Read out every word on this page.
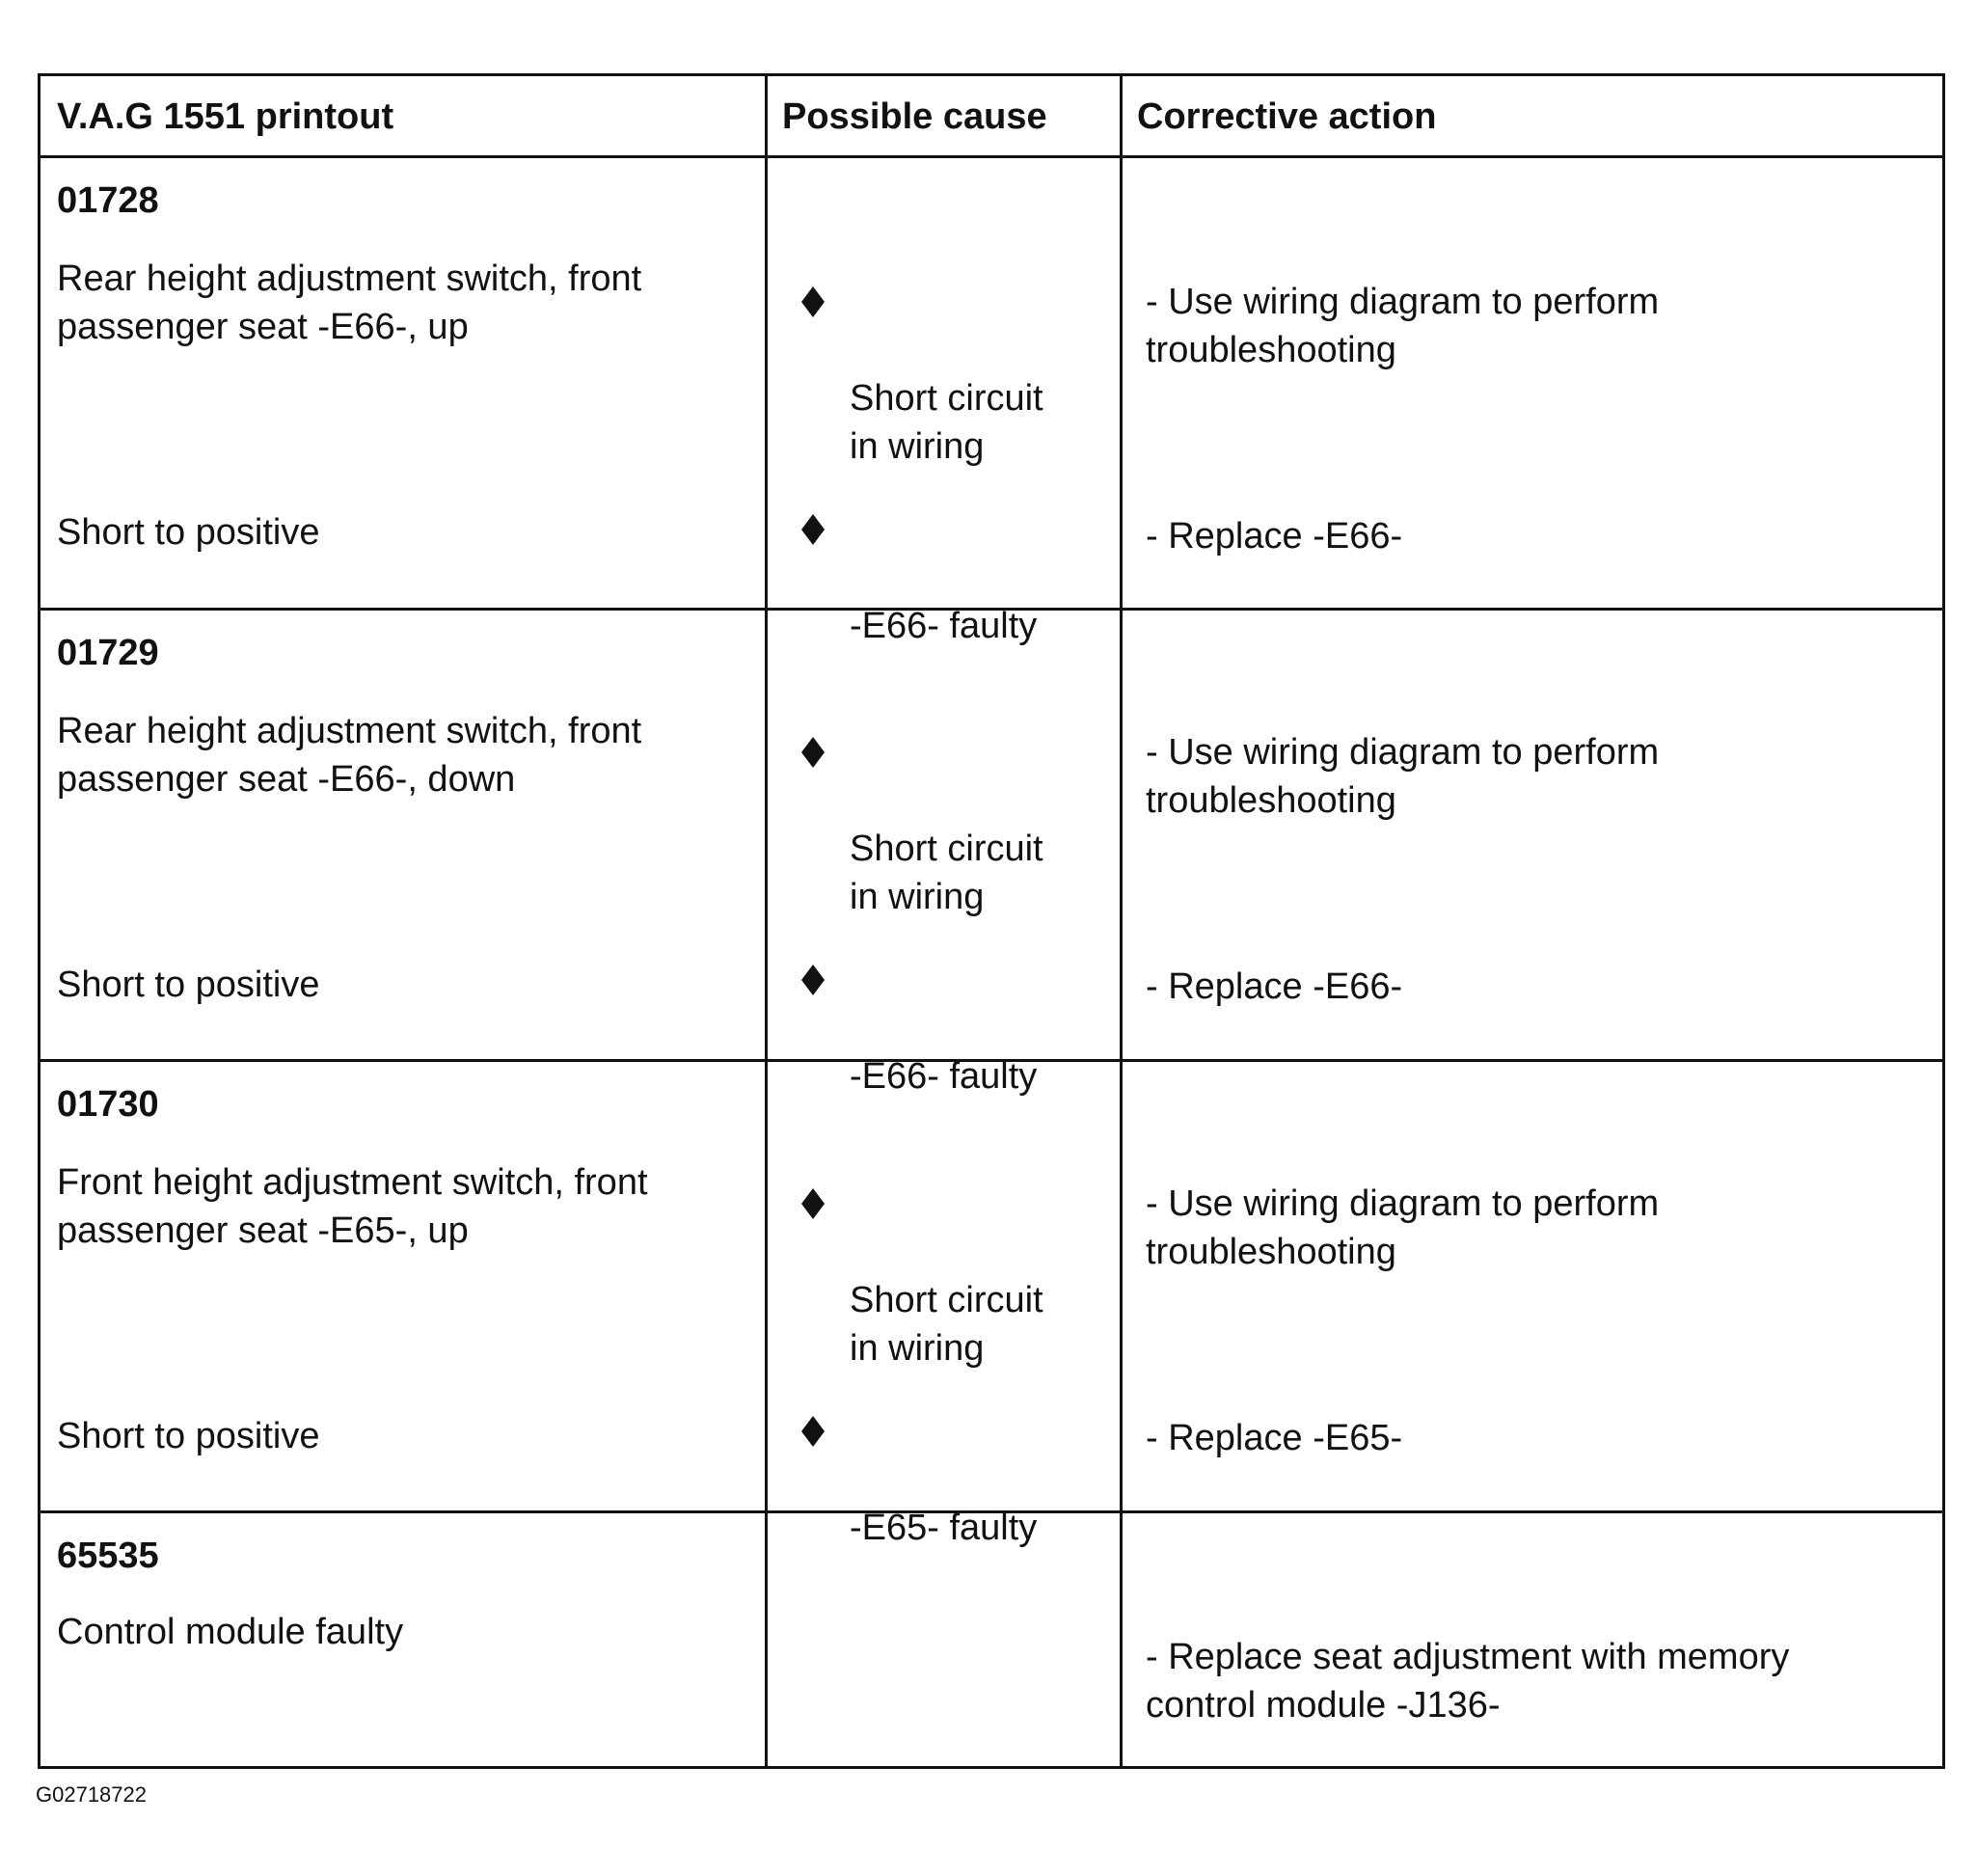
V.A.G 1551 printout	Possible cause Corrective action
01728
Rear height adjustment switch, front
passenger seat -E66-, up
Short to positive

Short circuit
in wiring

-E66- faulty

- Use wiring diagram to perform
troubleshooting
- Replace -E66-
01729
Rear height adjustment switch, front
passenger seat -E66-, down
Short to positive

Short circuit
in wiring

-E66- faulty

- Use wiring diagram to perform
troubleshooting
- Replace -E66-
01730
Front height adjustment switch, front
passenger seat -E65-, up
Short to positive

Short circuit
in wiring

-E65- faulty

- Use wiring diagram to perform
troubleshooting
- Replace -E65-
65535
Control module faulty
- Replace seat adjustment with memory
control module -J136-
G02718722
